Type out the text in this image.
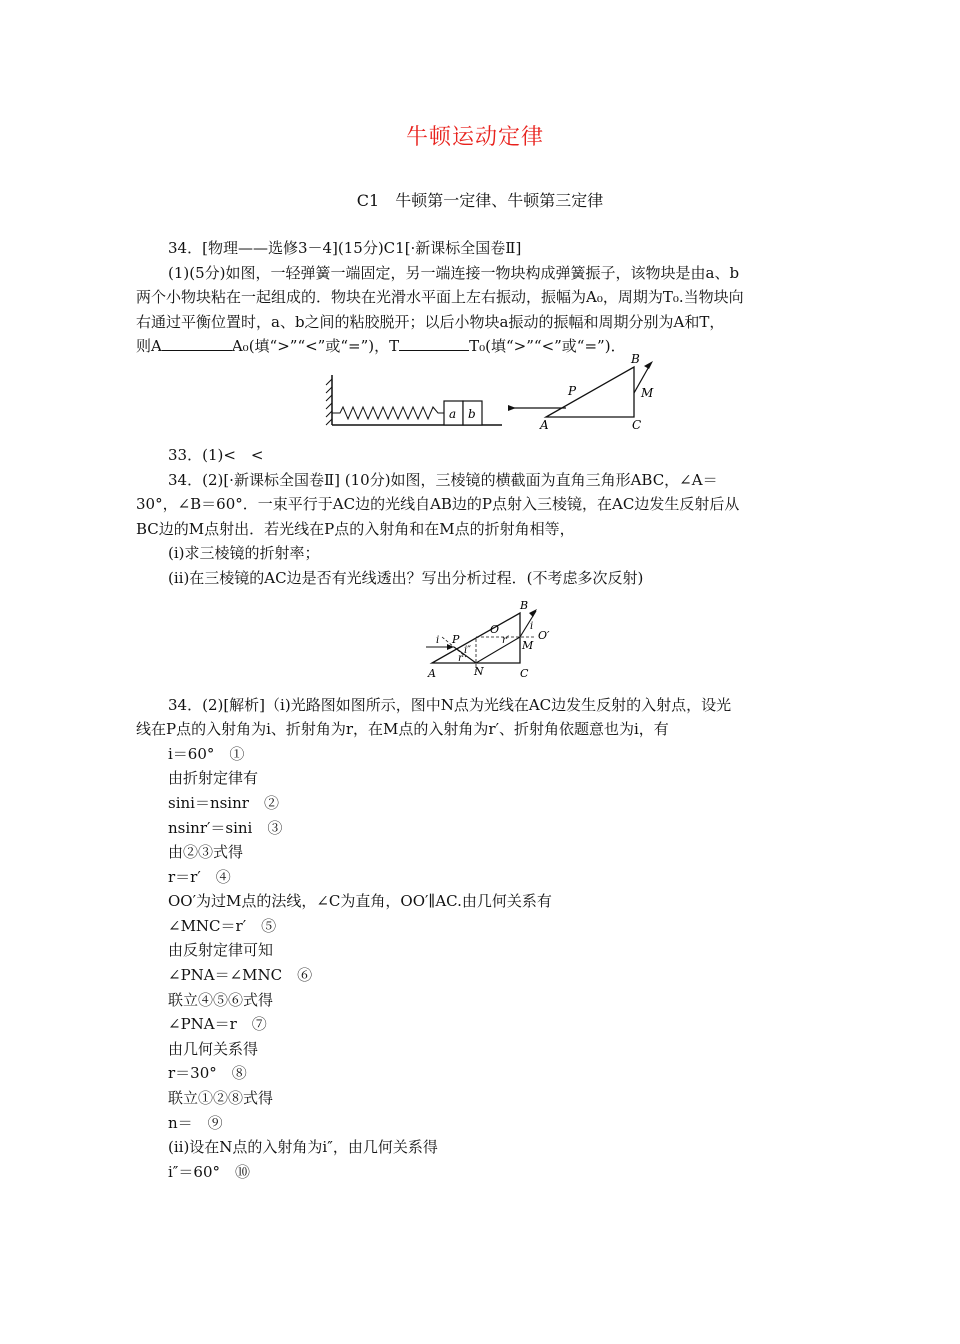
牛顿运动定律
C1　牛顿第一定律、牛顿第三定律

34．[物理——选修3－4](15分)C1[·新课标全国卷Ⅱ]

(1)(5分)如图，一轻弹簧一端固定，另一端连接一物块构成弹簧振子，该物块是由a、b

两个小物块粘在一起组成的．物块在光滑水平面上左右振动，振幅为A₀，周期为T₀.当物块向

右通过平衡位置时，a、b之间的粘胶脱开；以后小物块a振动的振幅和周期分别为A和T，

则A	A₀(填“>”“<”或“=”)，T	T₀(填“>”“<”或“=”)．

a b
P
A	C
B
M

33．(1)<　<

34．(2)[·新课标全国卷Ⅱ] (10分)如图，三棱镜的横截面为直角三角形ABC，∠A＝

30°，∠B＝60°．一束平行于AC边的光线自AB边的P点射入三棱镜，在AC边发生反射后从

BC边的M点射出．若光线在P点的入射角和在M点的折射角相等，

(ⅰ)求三棱镜的折射率；

(ⅱ)在三棱镜的AC边是否有光线透出？写出分析过程．(不考虑多次反射)

B
A	C
P
N
M
O	O′
i
i
i″
r
r′

34．(2)[解析]（ⅰ)光路图如图所示，图中N点为光线在AC边发生反射的入射点，设光

线在P点的入射角为i、折射角为r，在M点的入射角为r′、折射角依题意也为i，有

i＝60°　①

由折射定律有

sini＝nsinr　②

nsinr′＝sini　③

由②③式得

r＝r′　④

OO′为过M点的法线，∠C为直角，OO′∥AC.由几何关系有

∠MNC＝r′　⑤

由反射定律可知

∠PNA＝∠MNC　⑥

联立④⑤⑥式得

∠PNA＝r　⑦

由几何关系得

r＝30°　⑧

联立①②⑧式得

n＝　⑨

(ⅱ)设在N点的入射角为i″，由几何关系得

i″＝60°　⑩
